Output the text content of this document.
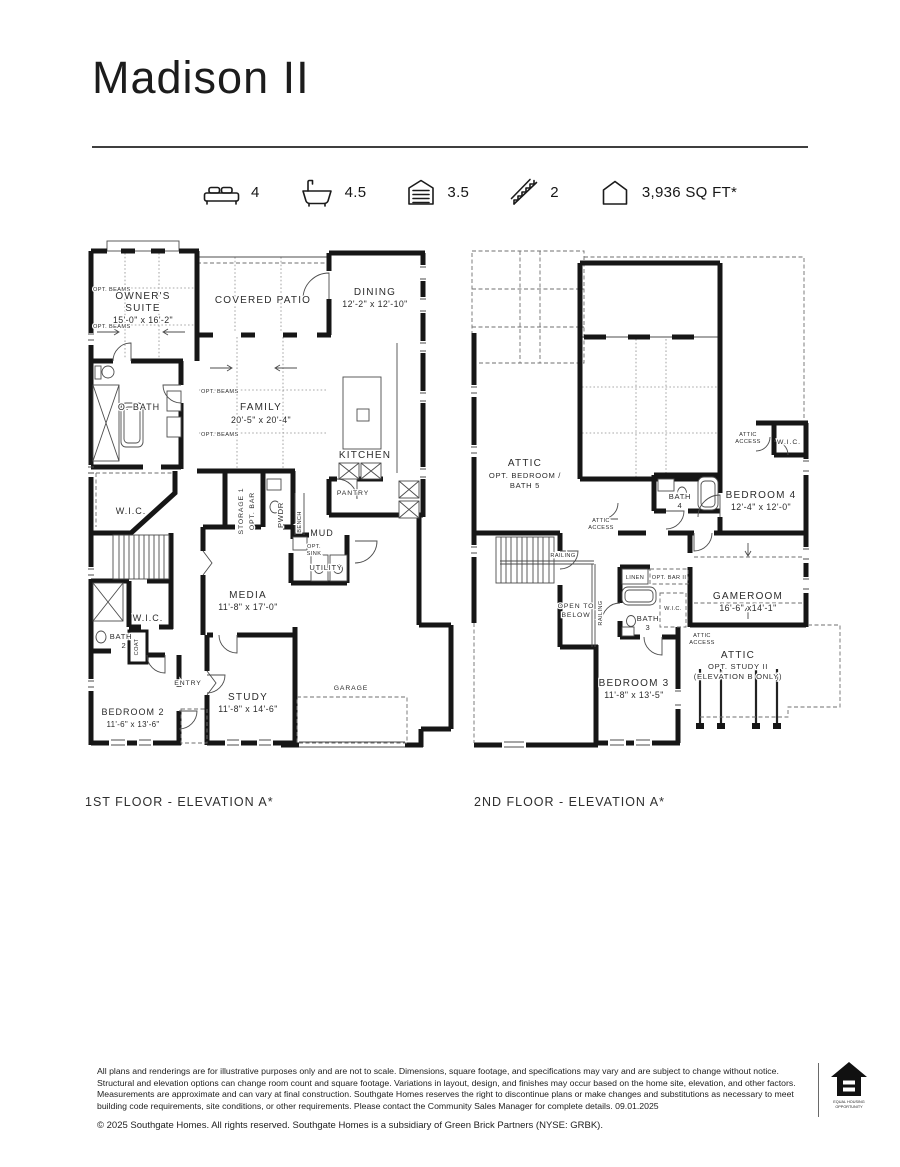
Madison II
4	4.5	3.5	2	3,936 SQ FT*
OPT. BEAMS
OPT. BEAMS
OPT. BEAMS
OPT. BEAMS
OWNER'S
SUITE
15'-0" x 16'-2"
COVERED PATIO
DINING
12'-2" x 12'-10"
FAMILY
20'-5" x 20'-4"
KITCHEN
PANTRY
O. BATH
W.I.C.	STORAGE 1 OPT. BAR	PWDR BENCH
MUD
OPT.
SINK
UTILITY
MEDIA
11'-8" x 17'-0"
BATH
2
W.I.C.
COAT
ENTRY
BEDROOM 2
11'-6" x 13'-6"
STUDY
11'-8" x 14'-6"
GARAGE
ATTIC
OPT. BEDROOM /
BATH 5
ATTIC
ACCESS W.I.C.
BEDROOM 4
12'-4" x 12'-0"
BATH
4
ATTIC
ACCESS
RAILING
OPEN TO
BELOW RAILING
LINEN OPT. BAR II
BATH
3
W.I.C.
GAMEROOM
16'-6" x14'-1"
ATTIC
ACCESS
ATTIC
OPT. STUDY II
(ELEVATION B ONLY)
BEDROOM 3
11'-8" x 13'-5"
1ST FLOOR - ELEVATION A*	2ND FLOOR - ELEVATION A*
All plans and renderings are for illustrative purposes only and are not to scale. Dimensions, square footage, and specifications may vary and are subject to change without notice. Structural and elevation options can change room count and square footage. Variations in layout, design, and finishes may occur based on the home site, elevation, and other factors. Measurements are approximate and can vary at final construction. Southgate Homes reserves the right to discontinue plans or make changes and substitutions as necessary to meet building code requirements, site conditions, or other requirements. Please contact the Community Sales Manager for complete details. 09.01.2025	EQUAL HOUSING
OPPORTUNITY
© 2025 Southgate Homes. All rights reserved. Southgate Homes is a subsidiary of Green Brick Partners (NYSE: GRBK).
